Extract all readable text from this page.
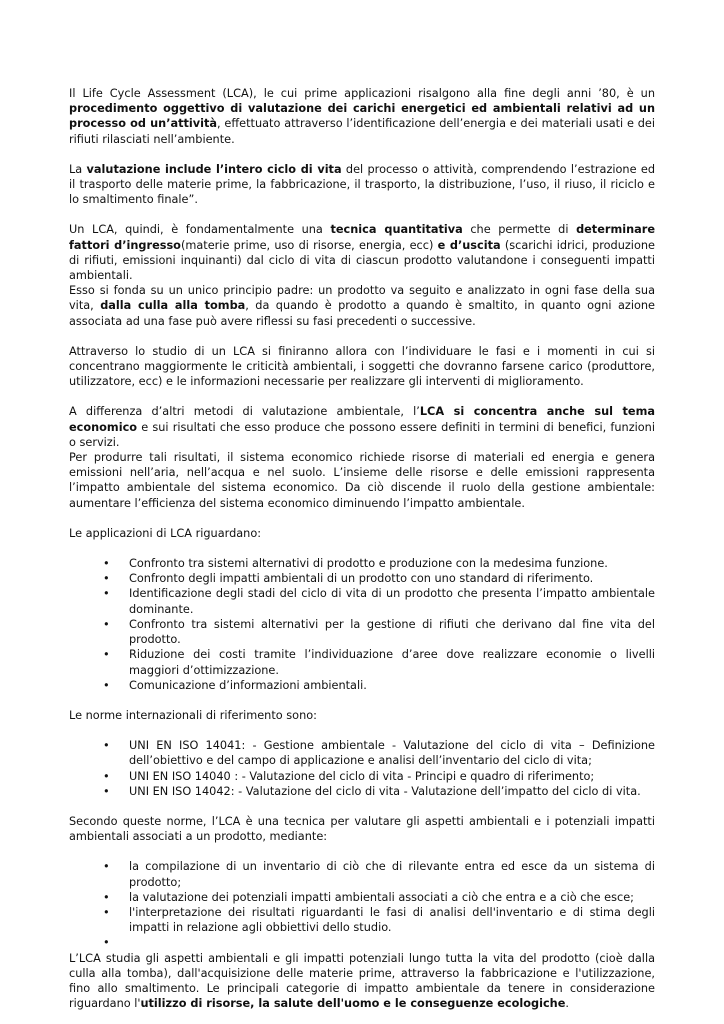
Il Life Cycle Assessment (LCA), le cui prime applicazioni risalgono alla fine degli anni ’80, è un procedimento oggettivo di valutazione dei carichi energetici ed ambientali relativi ad un processo od un’attività, effettuato attraverso l’identificazione dell’energia e dei materiali usati e dei rifiuti rilasciati nell’ambiente.

La valutazione include l’intero ciclo di vita del processo o attività, comprendendo l’estrazione ed il trasporto delle materie prime, la fabbricazione, il trasporto, la distribuzione, l’uso, il riuso, il riciclo e lo smaltimento finale”.

Un LCA, quindi, è fondamentalmente una tecnica quantitativa che permette di determinare fattori d’ingresso(materie prime, uso di risorse, energia, ecc) e d’uscita (scarichi idrici, produzione di rifiuti, emissioni inquinanti) dal ciclo di vita di ciascun prodotto valutandone i conseguenti impatti ambientali.

Esso si fonda su un unico principio padre: un prodotto va seguito e analizzato in ogni fase della sua vita, dalla culla alla tomba, da quando è prodotto a quando è smaltito, in quanto ogni azione associata ad una fase può avere riflessi su fasi precedenti o successive.

Attraverso lo studio di un LCA si finiranno allora con l’individuare le fasi e i momenti in cui si concentrano maggiormente le criticità ambientali, i soggetti che dovranno farsene carico (produttore, utilizzatore, ecc) e le informazioni necessarie per realizzare gli interventi di miglioramento.

A differenza d’altri metodi di valutazione ambientale, l’LCA si concentra anche sul tema economico e sui risultati che esso produce che possono essere definiti in termini di benefici, funzioni o servizi.

Per produrre tali risultati, il sistema economico richiede risorse di materiali ed energia e genera emissioni nell’aria, nell’acqua e nel suolo. L’insieme delle risorse e delle emissioni rappresenta l’impatto ambientale del sistema economico. Da ciò discende il ruolo della gestione ambientale: aumentare l’efficienza del sistema economico diminuendo l’impatto ambientale.

Le applicazioni di LCA riguardano:

• Confronto tra sistemi alternativi di prodotto e produzione con la medesima funzione.
• Confronto degli impatti ambientali di un prodotto con uno standard di riferimento.
• Identificazione degli stadi del ciclo di vita di un prodotto che presenta l’impatto ambientale dominante.
• Confronto tra sistemi alternativi per la gestione di rifiuti che derivano dal fine vita del prodotto.
• Riduzione dei costi tramite l’individuazione d’aree dove realizzare economie o livelli maggiori d’ottimizzazione.
• Comunicazione d’informazioni ambientali.

Le norme internazionali di riferimento sono:

• UNI EN ISO 14041: - Gestione ambientale - Valutazione del ciclo di vita – Definizione dell’obiettivo e del campo di applicazione e analisi dell’inventario del ciclo di vita;
• UNI EN ISO 14040 : - Valutazione del ciclo di vita - Principi e quadro di riferimento;
• UNI EN ISO 14042: - Valutazione del ciclo di vita - Valutazione dell’impatto del ciclo di vita.

Secondo queste norme, l’LCA è una tecnica per valutare gli aspetti ambientali e i potenziali impatti ambientali associati a un prodotto, mediante:

• la compilazione di un inventario di ciò che di rilevante entra ed esce da un sistema di prodotto;
• la valutazione dei potenziali impatti ambientali associati a ciò che entra e a ciò che esce;
• l'interpretazione dei risultati riguardanti le fasi di analisi dell'inventario e di stima degli impatti in relazione agli obbiettivi dello studio.
•

L’LCA studia gli aspetti ambientali e gli impatti potenziali lungo tutta la vita del prodotto (cioè dalla culla alla tomba), dall'acquisizione delle materie prime, attraverso la fabbricazione e l'utilizzazione, fino allo smaltimento. Le principali categorie di impatto ambientale da tenere in considerazione riguardano l'utilizzo di risorse, la salute dell'uomo e le conseguenze ecologiche.
